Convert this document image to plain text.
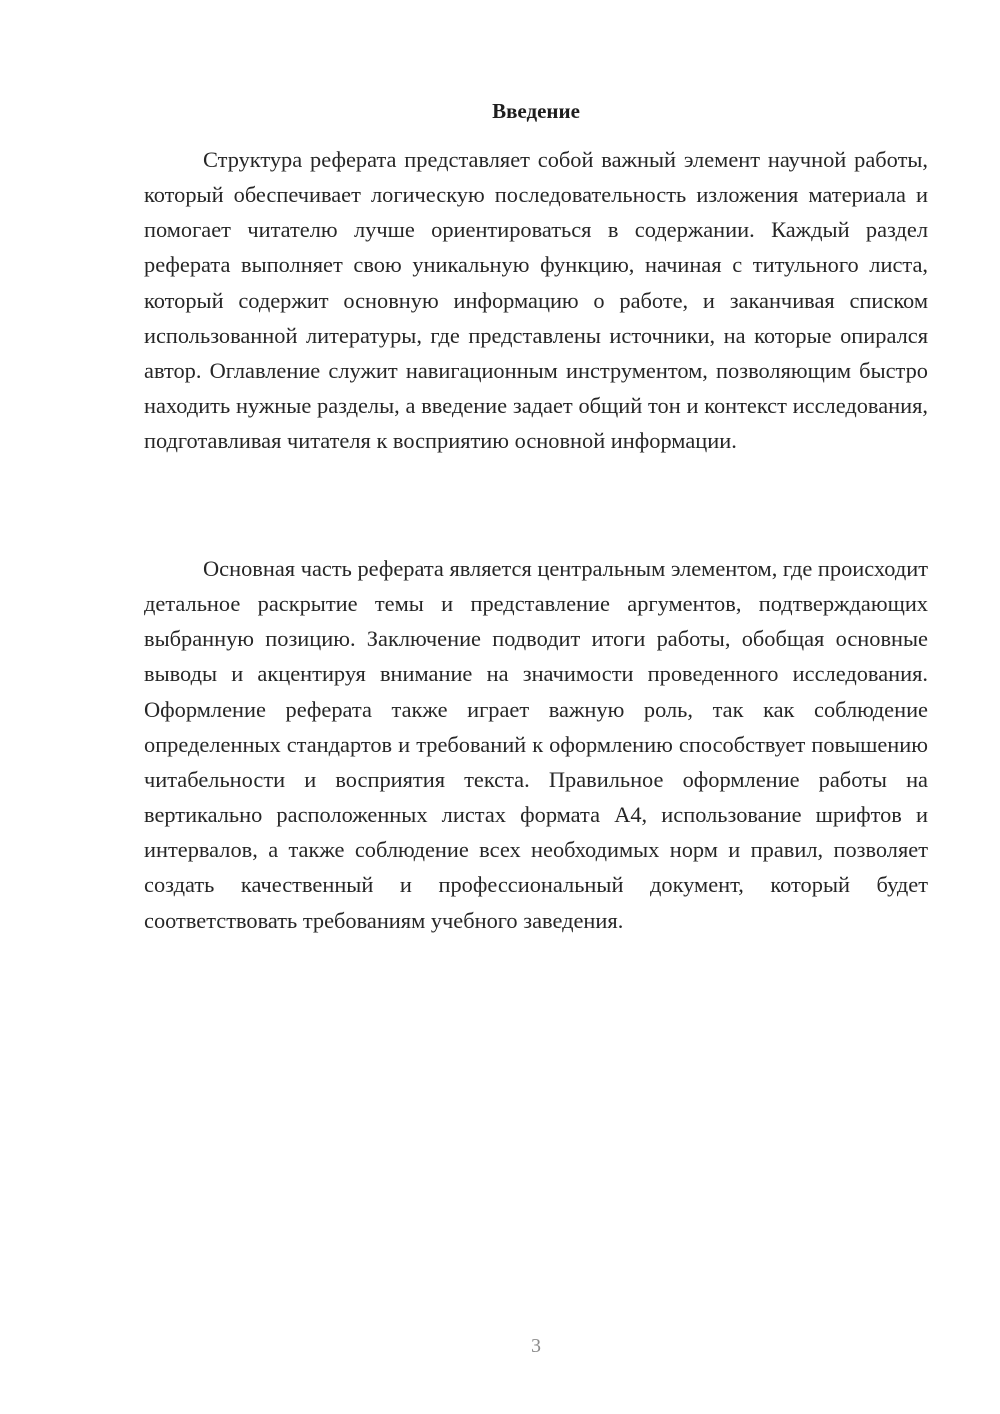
Введение

Структура реферата представляет собой важный элемент научной работы, который обеспечивает логическую последовательность изложения материала и помогает читателю лучше ориентироваться в содержании. Каждый раздел реферата выполняет свою уникальную функцию, начиная с титульного листа, который содержит основную информацию о работе, и заканчивая списком использованной литературы, где представлены источники, на которые опирался автор. Оглавление служит навигационным инструментом, позволяющим быстро находить нужные разделы, а введение задает общий тон и контекст исследования, подготавливая читателя к восприятию основной информации.

Основная часть реферата является центральным элементом, где происходит детальное раскрытие темы и представление аргументов, подтверждающих выбранную позицию. Заключение подводит итоги работы, обобщая основные выводы и акцентируя внимание на значимости проведенного исследования. Оформление реферата также играет важную роль, так как соблюдение определенных стандартов и требований к оформлению способствует повышению читабельности и восприятия текста. Правильное оформление работы на вертикально расположенных листах формата А4, использование шрифтов и интервалов, а также соблюдение всех необходимых норм и правил, позволяет создать качественный и профессиональный документ, который будет соответствовать требованиям учебного заведения.

3
